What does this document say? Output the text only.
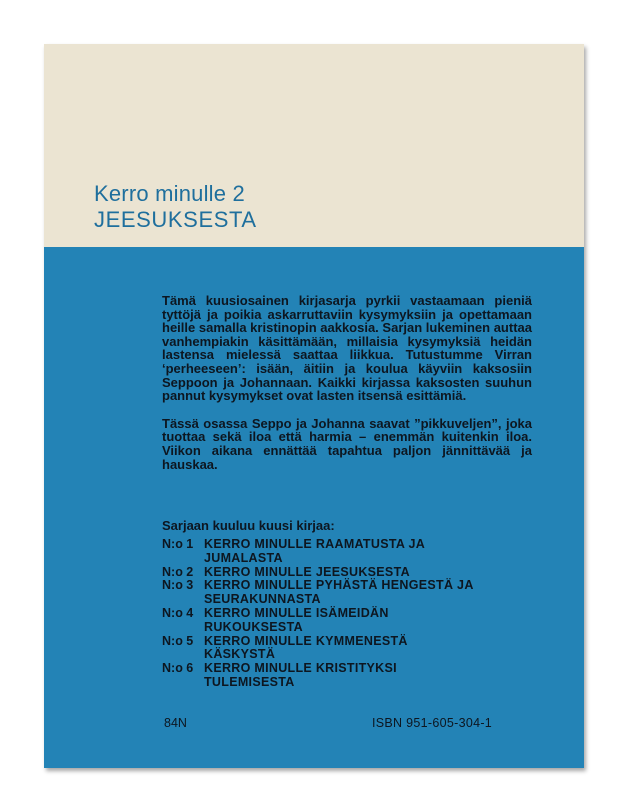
Kerro minulle 2
JEESUKSESTA

Tämä kuusiosainen kirjasarja pyrkii vastaamaan pieniä tyttöjä ja poikia askarruttaviin kysymyksiin ja opettamaan heille samalla kristinopin aakkosia. Sarjan lukeminen auttaa vanhempiakin käsittämään, millaisia kysymyksiä heidän lastensa mielessä saattaa liikkua. Tutustumme Virran ‘perheeseen’: isään, äitiin ja koulua käyviin kaksosiin Seppoon ja Johannaan. Kaikki kirjassa kaksosten suuhun pannut kysymykset ovat lasten itsensä esittämiä.

Tässä osassa Seppo ja Johanna saavat ”pikkuveljen”, joka tuottaa sekä iloa että harmia – enemmän kuitenkin iloa. Viikon aikana ennättää tapahtua paljon jännittävää ja hauskaa.

Sarjaan kuuluu kuusi kirjaa:
N:o 1 KERRO MINULLE RAAMATUSTA JA JUMALASTA
N:o 2 KERRO MINULLE JEESUKSESTA
N:o 3 KERRO MINULLE PYHÄSTÄ HENGESTÄ JA SEURAKUNNASTA
N:o 4 KERRO MINULLE ISÄMEIDÄN RUKOUKSESTA
N:o 5 KERRO MINULLE KYMMENESTÄ KÄSKYSTÄ
N:o 6 KERRO MINULLE KRISTITYKSI TULEMISESTA
84N	ISBN 951-605-304-1
